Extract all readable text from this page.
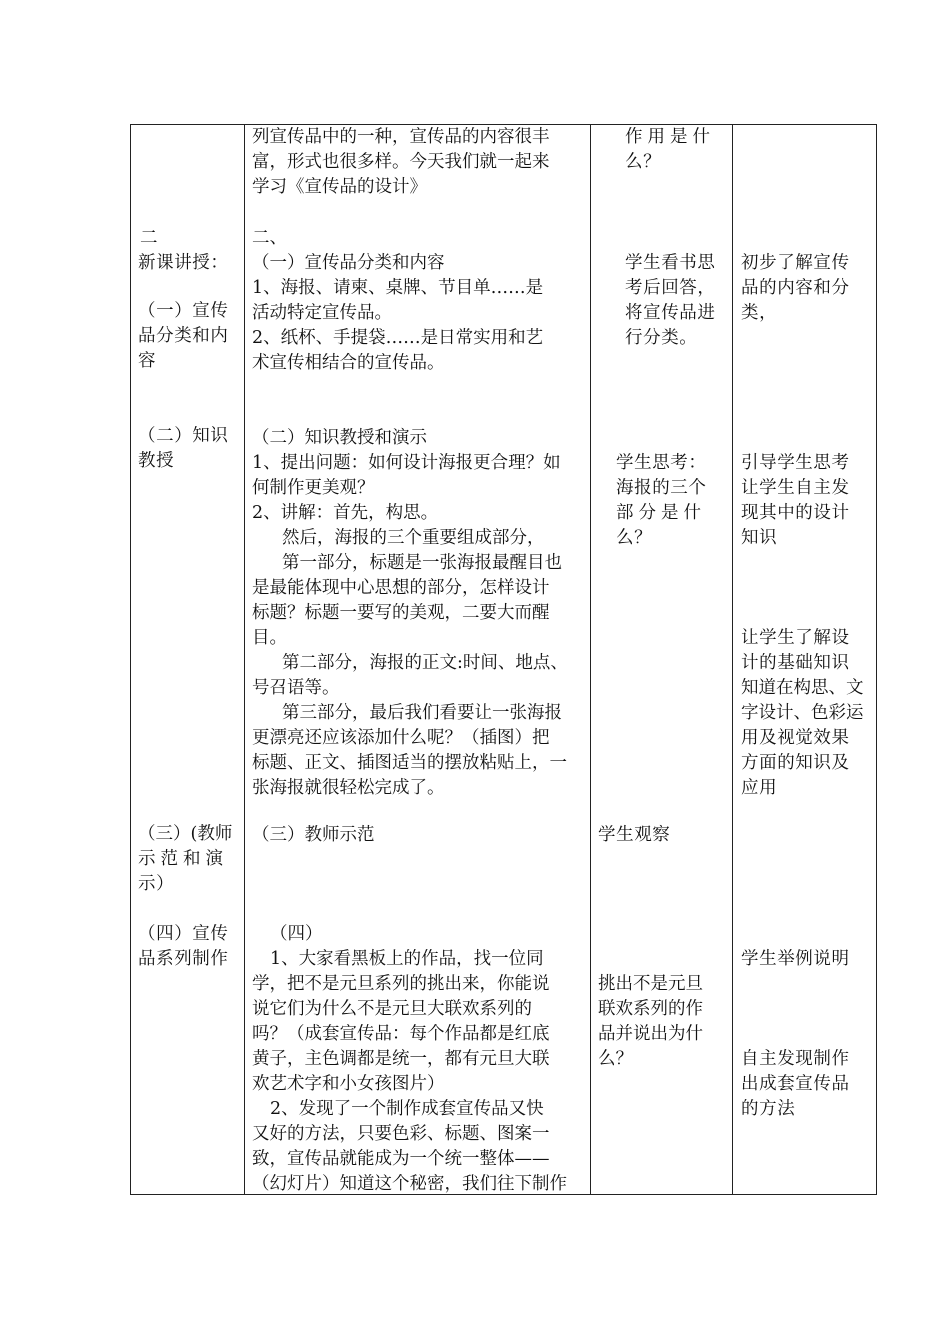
二
新课讲授：
（一）宣传
品分类和内
容
（二）知识
教授
（三）(教师
示范和演
示）
（四）宣传
品系列制作
列宣传品中的一种，宣传品的内容很丰
富，形式也很多样。今天我们就一起来
学习《宣传品的设计》
二、
（一）宣传品分类和内容
1、海报、请柬、桌牌、节目单……是
活动特定宣传品。
2、纸杯、手提袋……是日常实用和艺
术宣传相结合的宣传品。
（二）知识教授和演示
1、提出问题：如何设计海报更合理？如
何制作更美观？
2、讲解：首先，构思。
然后，海报的三个重要组成部分，
第一部分，标题是一张海报最醒目也
是最能体现中心思想的部分，怎样设计
标题？标题一要写的美观，二要大而醒
目。
第二部分，海报的正文:时间、地点、
号召语等。
第三部分，最后我们看要让一张海报
更漂亮还应该添加什么呢？（插图）把
标题、正文、插图适当的摆放粘贴上，一
张海报就很轻松完成了。
（三）教师示范
（四）
1、大家看黑板上的作品，找一位同
学，把不是元旦系列的挑出来，你能说
说它们为什么不是元旦大联欢系列的
吗？（成套宣传品：每个作品都是红底
黄子，主色调都是统一，都有元旦大联
欢艺术字和小女孩图片）
2、发现了一个制作成套宣传品又快
又好的方法，只要色彩、标题、图案一
致，宣传品就能成为一个统一整体——
（幻灯片）知道这个秘密，我们往下制作
作用是什
么？
学生看书思
考后回答，
将宣传品进
行分类。
学生思考：
海报的三个
部分是什
么？
学生观察
挑出不是元旦
联欢系列的作
品并说出为什
么？
初步了解宣传
品的内容和分
类，
引导学生思考
让学生自主发
现其中的设计
知识
让学生了解设
计的基础知识
知道在构思、文
字设计、色彩运
用及视觉效果
方面的知识及
应用
学生举例说明
自主发现制作
出成套宣传品
的方法
